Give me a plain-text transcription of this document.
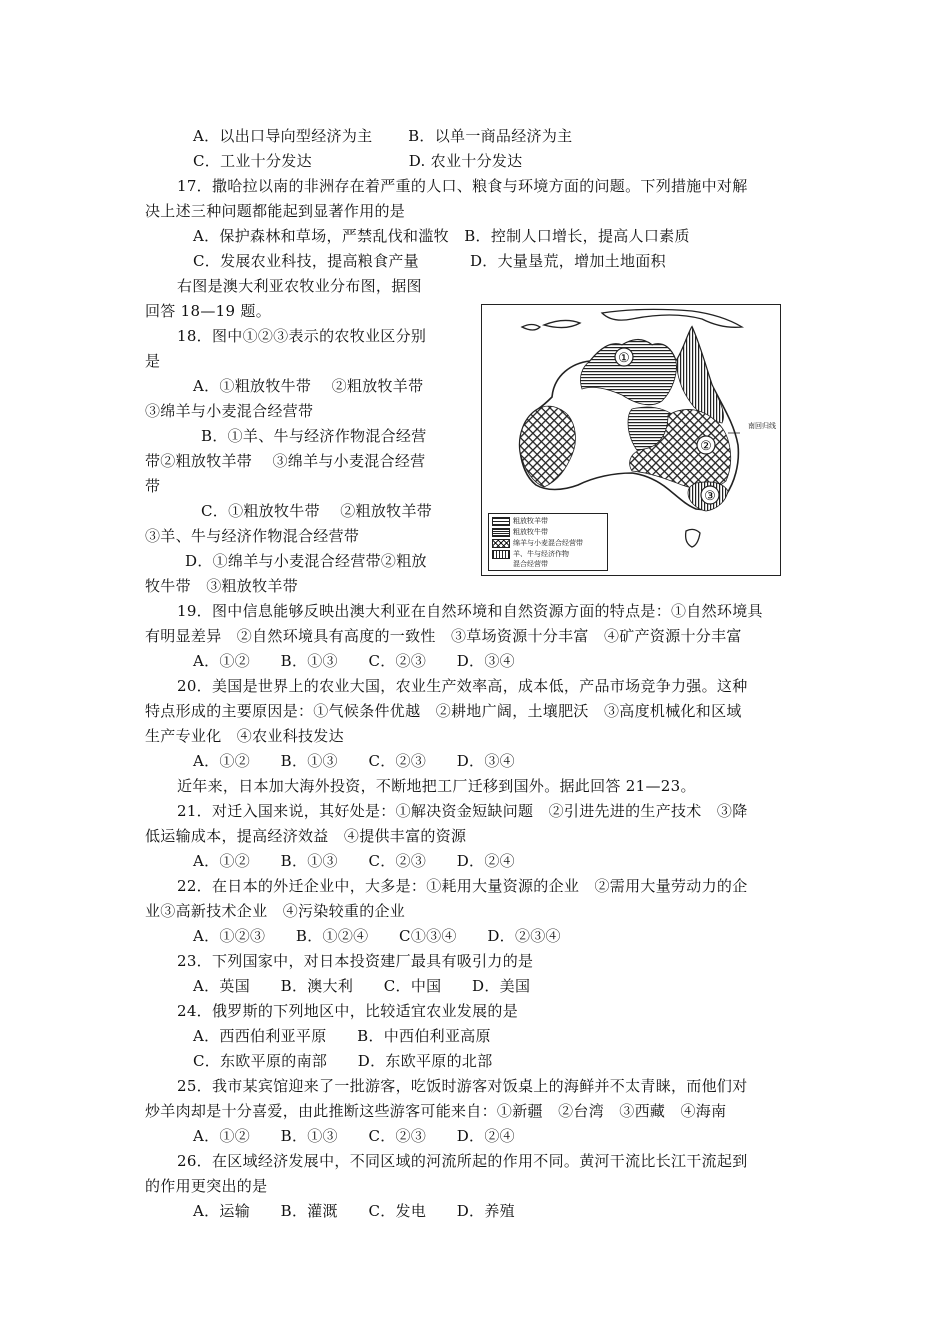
A．以出口导向型经济为主　　 B．以单一商品经济为主
C．工业十分发达　　　　　　 D. 农业十分发达
17．撒哈拉以南的非洲存在着严重的人口、粮食与环境方面的问题。下列措施中对解
决上述三种问题都能起到显著作用的是
A．保护森林和草场，严禁乱伐和滥牧　B．控制人口增长，提高人口素质
C．发展农业科技，提高粮食产量　　　 D．大量垦荒，增加土地面积
右图是澳大利亚农牧业分布图，据图
回答 18—19 题。
18．图中①②③表示的农牧业区分别
是
A．①粗放牧牛带　 ②粗放牧羊带
③绵羊与小麦混合经营带
B．①羊、牛与经济作物混合经营
带②粗放牧羊帯　 ③绵羊与小麦混合经营
带
C．①粗放牧牛带　 ②粗放牧羊带
③羊、牛与经济作物混合经营带
D．①绵羊与小麦混合经营带②粗放
牧牛带　③粗放牧羊带
①
②
③
南回归线
粗放牧羊带
粗放牧牛带
绵羊与小麦混合经营带
羊、牛与经济作物
混合经营带
19．图中信息能够反映出澳大利亚在自然环境和自然资源方面的特点是：①自然环境具
有明显差异　②自然环境具有高度的一致性　③草场资源十分丰富　④矿产资源十分丰富
A．①②　　B．①③　　C．②③　　D．③④
20．美国是世界上的农业大国，农业生产效率高，成本低，产品市场竞争力强。这种
特点形成的主要原因是：①气候条件优越　②耕地广阔，土壤肥沃　③高度机械化和区域
生产专业化　④农业科技发达
A．①②　　B．①③　　C．②③　　D．③④
近年来，日本加大海外投资，不断地把工厂迁移到国外。据此回答 21—23。
21．对迁入国来说，其好处是：①解决资金短缺问题　②引进先进的生产技术　③降
低运输成本，提高经济效益　④提供丰富的资源
A．①②　　B．①③　　C．②③　　D．②④
22．在日本的外迁企业中，大多是：①耗用大量资源的企业　②需用大量劳动力的企
业③高新技术企业　④污染较重的企业
A．①②③　　B．①②④　　C①③④　　D．②③④
23．下列国家中，对日本投资建厂最具有吸引力的是
A．英国　　B．澳大利　　C．中国　　D．美国
24．俄罗斯的下列地区中，比较适宜农业发展的是
A．西西伯利亚平原　　B．中西伯利亚高原
C．东欧平原的南部　　D．东欧平原的北部
25．我市某宾馆迎来了一批游客，吃饭时游客对饭桌上的海鲜并不太青睐，而他们对
炒羊肉却是十分喜爱，由此推断这些游客可能来自：①新疆　②台湾　③西藏　④海南
A．①②　　B．①③　　C．②③　　D．②④
26．在区域经济发展中，不同区域的河流所起的作用不同。黄河干流比长江干流起到
的作用更突出的是
A．运输　　B．灌溉　　C．发电　　D．养殖
